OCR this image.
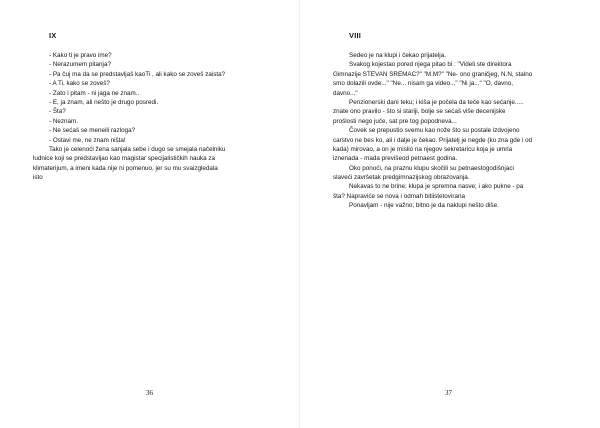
IX
- Kako ti je pravo ime?
- Nerazumem pitanja?
- Pa čuj ma da se predstavljaš kaoTi , ali kako se zoveš zaista?
- A Ti, kako se zoveš?
- Zato i pitam - ni jaga ne znam..
- E, ja znam, ali nešto je drugo posredi.
- Šta?
- Neznam.
- Ne sećaš se meneili razloga?
- Ostavi me, ne znam ništa!
Tako je celenoći žena sanjala sebe i dugo se smejala načelniku
ludnice koji se predstavljao kao magistar specijalističkih nauka za
klimaterijum, a imeni kada nije ni pomenuo, jer su mu svaizgledala
isto
36
VIII
Sedeo je na klupi i čekao prijatelja.
Svakog kojestao pored njega pitao bi : "Videli ste direktora
Gimnazije STEVAN SREMAC?" "M.M?" "Ne- ono graničjeg, N.N, stalno
smo dolazili ovde..." "Ne... nisam ga video..." "Ni ja..." "O, davno,
davno..."
Penzionerski dani teku; i kiša je počela da teče kao sećanje.....
znate ono pravilo - što si stariji, bolje se sećaš više decenijske
prošlosti nego juče, sat pre tog popodneva...
Čovek se prepustio svemu kao nože što su postale izdvojeno
carstvo ne bes ko, ali i dalje je čekao. Prijatelj je negde (ko zna gde i od
kada) mirovao, a on je mislio na njegov sekretaricu koja je umrla
iznenada - mada previšeod petnaest godina.
Oko ponoći, na praznu klupu skočili su petnaestogodišnjaci
slaveći završetak predgimnazijskog obrazovanja.
Nekavas to ne brine; klupa je spremna nasve; i ako pukne - pa
šta? Napraviće se nova i odmah bitiistetovirana
Ponavljam - nije važno; bitno je da naklupi nešto diše.
37
